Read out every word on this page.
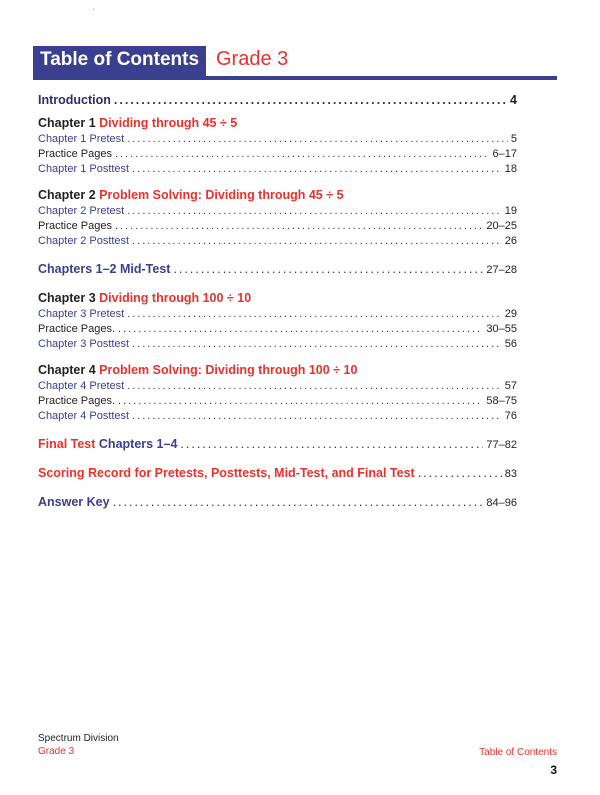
Table of Contents Grade 3
Introduction .....	4
Chapter 1 Dividing through 45 ÷ 5
Chapter 1 Pretest .....	5
Practice Pages .....	6–17
Chapter 1 Posttest .....	18
Chapter 2 Problem Solving: Dividing through 45 ÷ 5
Chapter 2 Pretest .....	19
Practice Pages .....	20–25
Chapter 2 Posttest .....	26
Chapters 1–2 Mid-Test .....	27–28
Chapter 3 Dividing through 100 ÷ 10
Chapter 3 Pretest .....	29
Practice Pages. .....	30–55
Chapter 3 Posttest .....	56
Chapter 4 Problem Solving: Dividing through 100 ÷ 10
Chapter 4 Pretest .....	57
Practice Pages. .....	58–75
Chapter 4 Posttest .....	76
Final Test Chapters 1–4 .....	77–82
Scoring Record for Pretests, Posttests, Mid-Test, and Final Test .....	83
Answer Key .....	84–96
Spectrum Division
Grade 3	Table of Contents
3
